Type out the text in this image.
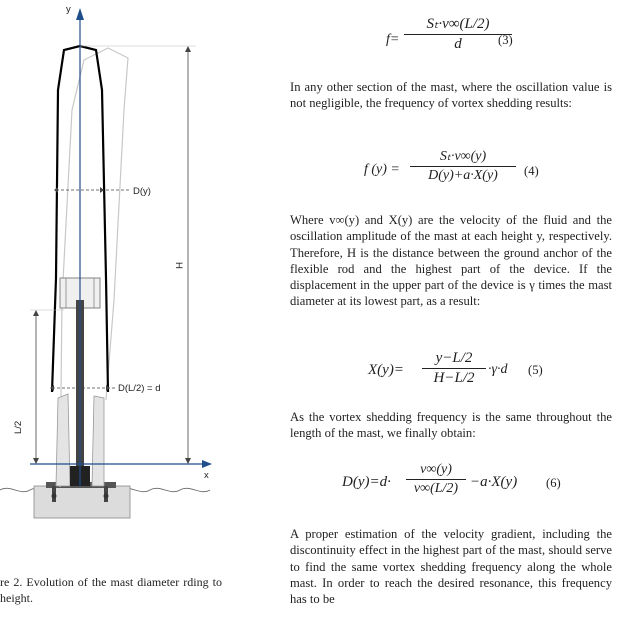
y
x
D(y)
D(L/2) = d
H
L/2
re 2. Evolution of the mast diameter rding to height.
$f= \frac{\text{Sₜ·v∞(L/2)}}{d}$
(3)

In any other section of the mast, where the oscillation value is not negligible, the frequency of vortex shedding results:

f $(y) = \frac{\text{Sₜ·v∞(y)}}{D(y)+a\cdot X(y)} (4)$

Where v∞(y) and X(y) are the velocity of the fluid and the oscillation amplitude of the mast at each height y, respectively. Therefore, H is the distance between the ground anchor of the flexible rod and the highest part of the device. If the displacement in the upper part of the device is γ times the mast diameter at its lowest part, as a result:

$X(y)= \frac{y-L/2}{H-L/2} \cdot\gamma\cdot d$ (5)

As the vortex shedding frequency is the same throughout the length of the mast, we finally obtain:

$D(y)=d\cdot \frac{v\infty(y)}{v\infty(L/2)} -a\cdot X(y)$ (6)

A proper estimation of the velocity gradient, including the discontinuity effect in the highest part of the mast, should serve to find the same vortex shedding frequency along the whole mast. In order to reach the desired resonance, this frequency has to be
